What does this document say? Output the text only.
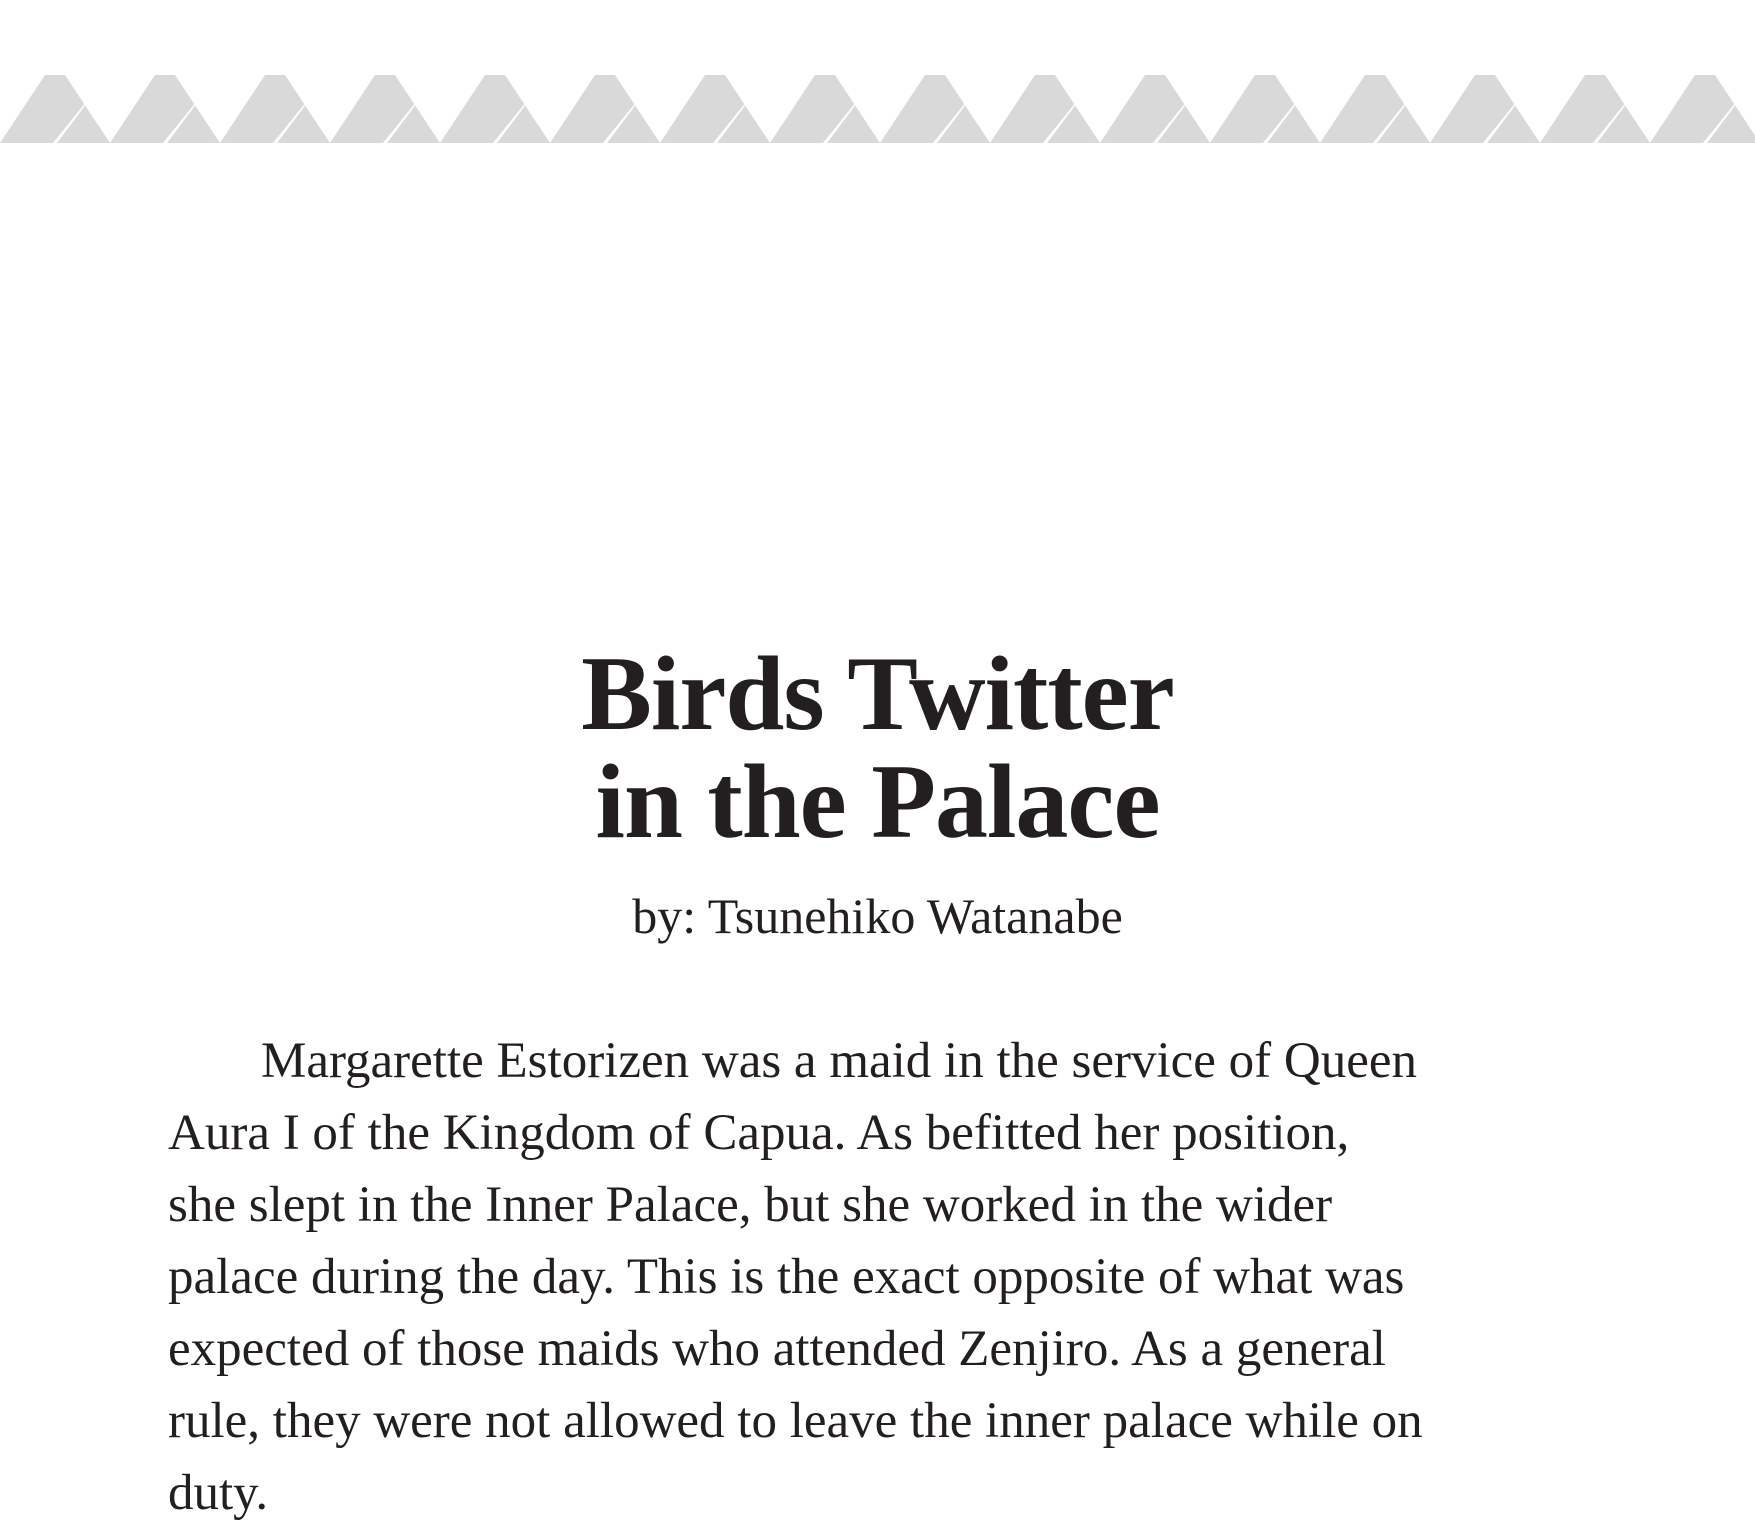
Birds Twitter
in the Palace

by: Tsunehiko Watanabe

Margarette Estorizen was a maid in the service of Queen
Aura I of the Kingdom of Capua. As befitted her position,
she slept in the Inner Palace, but she worked in the wider
palace during the day. This is the exact opposite of what was
expected of those maids who attended Zenjiro. As a general
rule, they were not allowed to leave the inner palace while on
duty.
